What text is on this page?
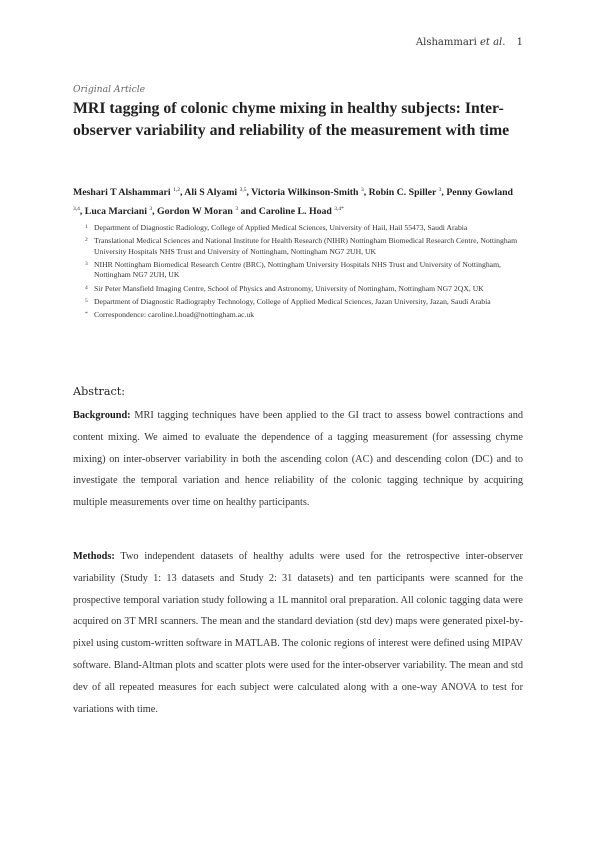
Alshammari et al. 1
Original Article
MRI tagging of colonic chyme mixing in healthy subjects: Inter-observer variability and reliability of the measurement with time
Meshari T Alshammari $^{1,2}$, Ali S Alyami $^{3,5}$, Victoria Wilkinson-Smith $^3$, Robin C. Spiller $^3$, Penny Gowland $^{3,4}$, Luca Marciani $^3$, Gordon W Moran $^3$ and Caroline L. Hoad $^{3,4*}$
1 Department of Diagnostic Radiology, College of Applied Medical Sciences, University of Hail, Hail 55473, Saudi Arabia
2 Translational Medical Sciences and National Institute for Health Research (NIHR) Nottingham Biomedical Research Centre, Nottingham University Hospitals NHS Trust and University of Nottingham, Nottingham NG7 2UH, UK
3 NIHR Nottingham Biomedical Research Centre (BRC), Nottingham University Hospitals NHS Trust and University of Nottingham, Nottingham NG7 2UH, UK
4 Sir Peter Mansfield Imaging Centre, School of Physics and Astronomy, University of Nottingham, Nottingham NG7 2QX, UK
5 Department of Diagnostic Radiography Technology, College of Applied Medical Sciences, Jazan University, Jazan, Saudi Arabia
* Correspondence: caroline.l.hoad@nottingham.ac.uk
Abstract:

Background: MRI tagging techniques have been applied to the GI tract to assess bowel contractions and content mixing. We aimed to evaluate the dependence of a tagging measurement (for assessing chyme mixing) on inter-observer variability in both the ascending colon (AC) and descending colon (DC) and to investigate the temporal variation and hence reliability of the colonic tagging technique by acquiring multiple measurements over time on healthy participants.

Methods: Two independent datasets of healthy adults were used for the retrospective inter-observer variability (Study 1: 13 datasets and Study 2: 31 datasets) and ten participants were scanned for the prospective temporal variation study following a 1L mannitol oral preparation. All colonic tagging data were acquired on 3T MRI scanners. The mean and the standard deviation (std dev) maps were generated pixel-by-pixel using custom-written software in MATLAB. The colonic regions of interest were defined using MIPAV software. Bland-Altman plots and scatter plots were used for the inter-observer variability. The mean and std dev of all repeated measures for each subject were calculated along with a one-way ANOVA to test for variations with time.
